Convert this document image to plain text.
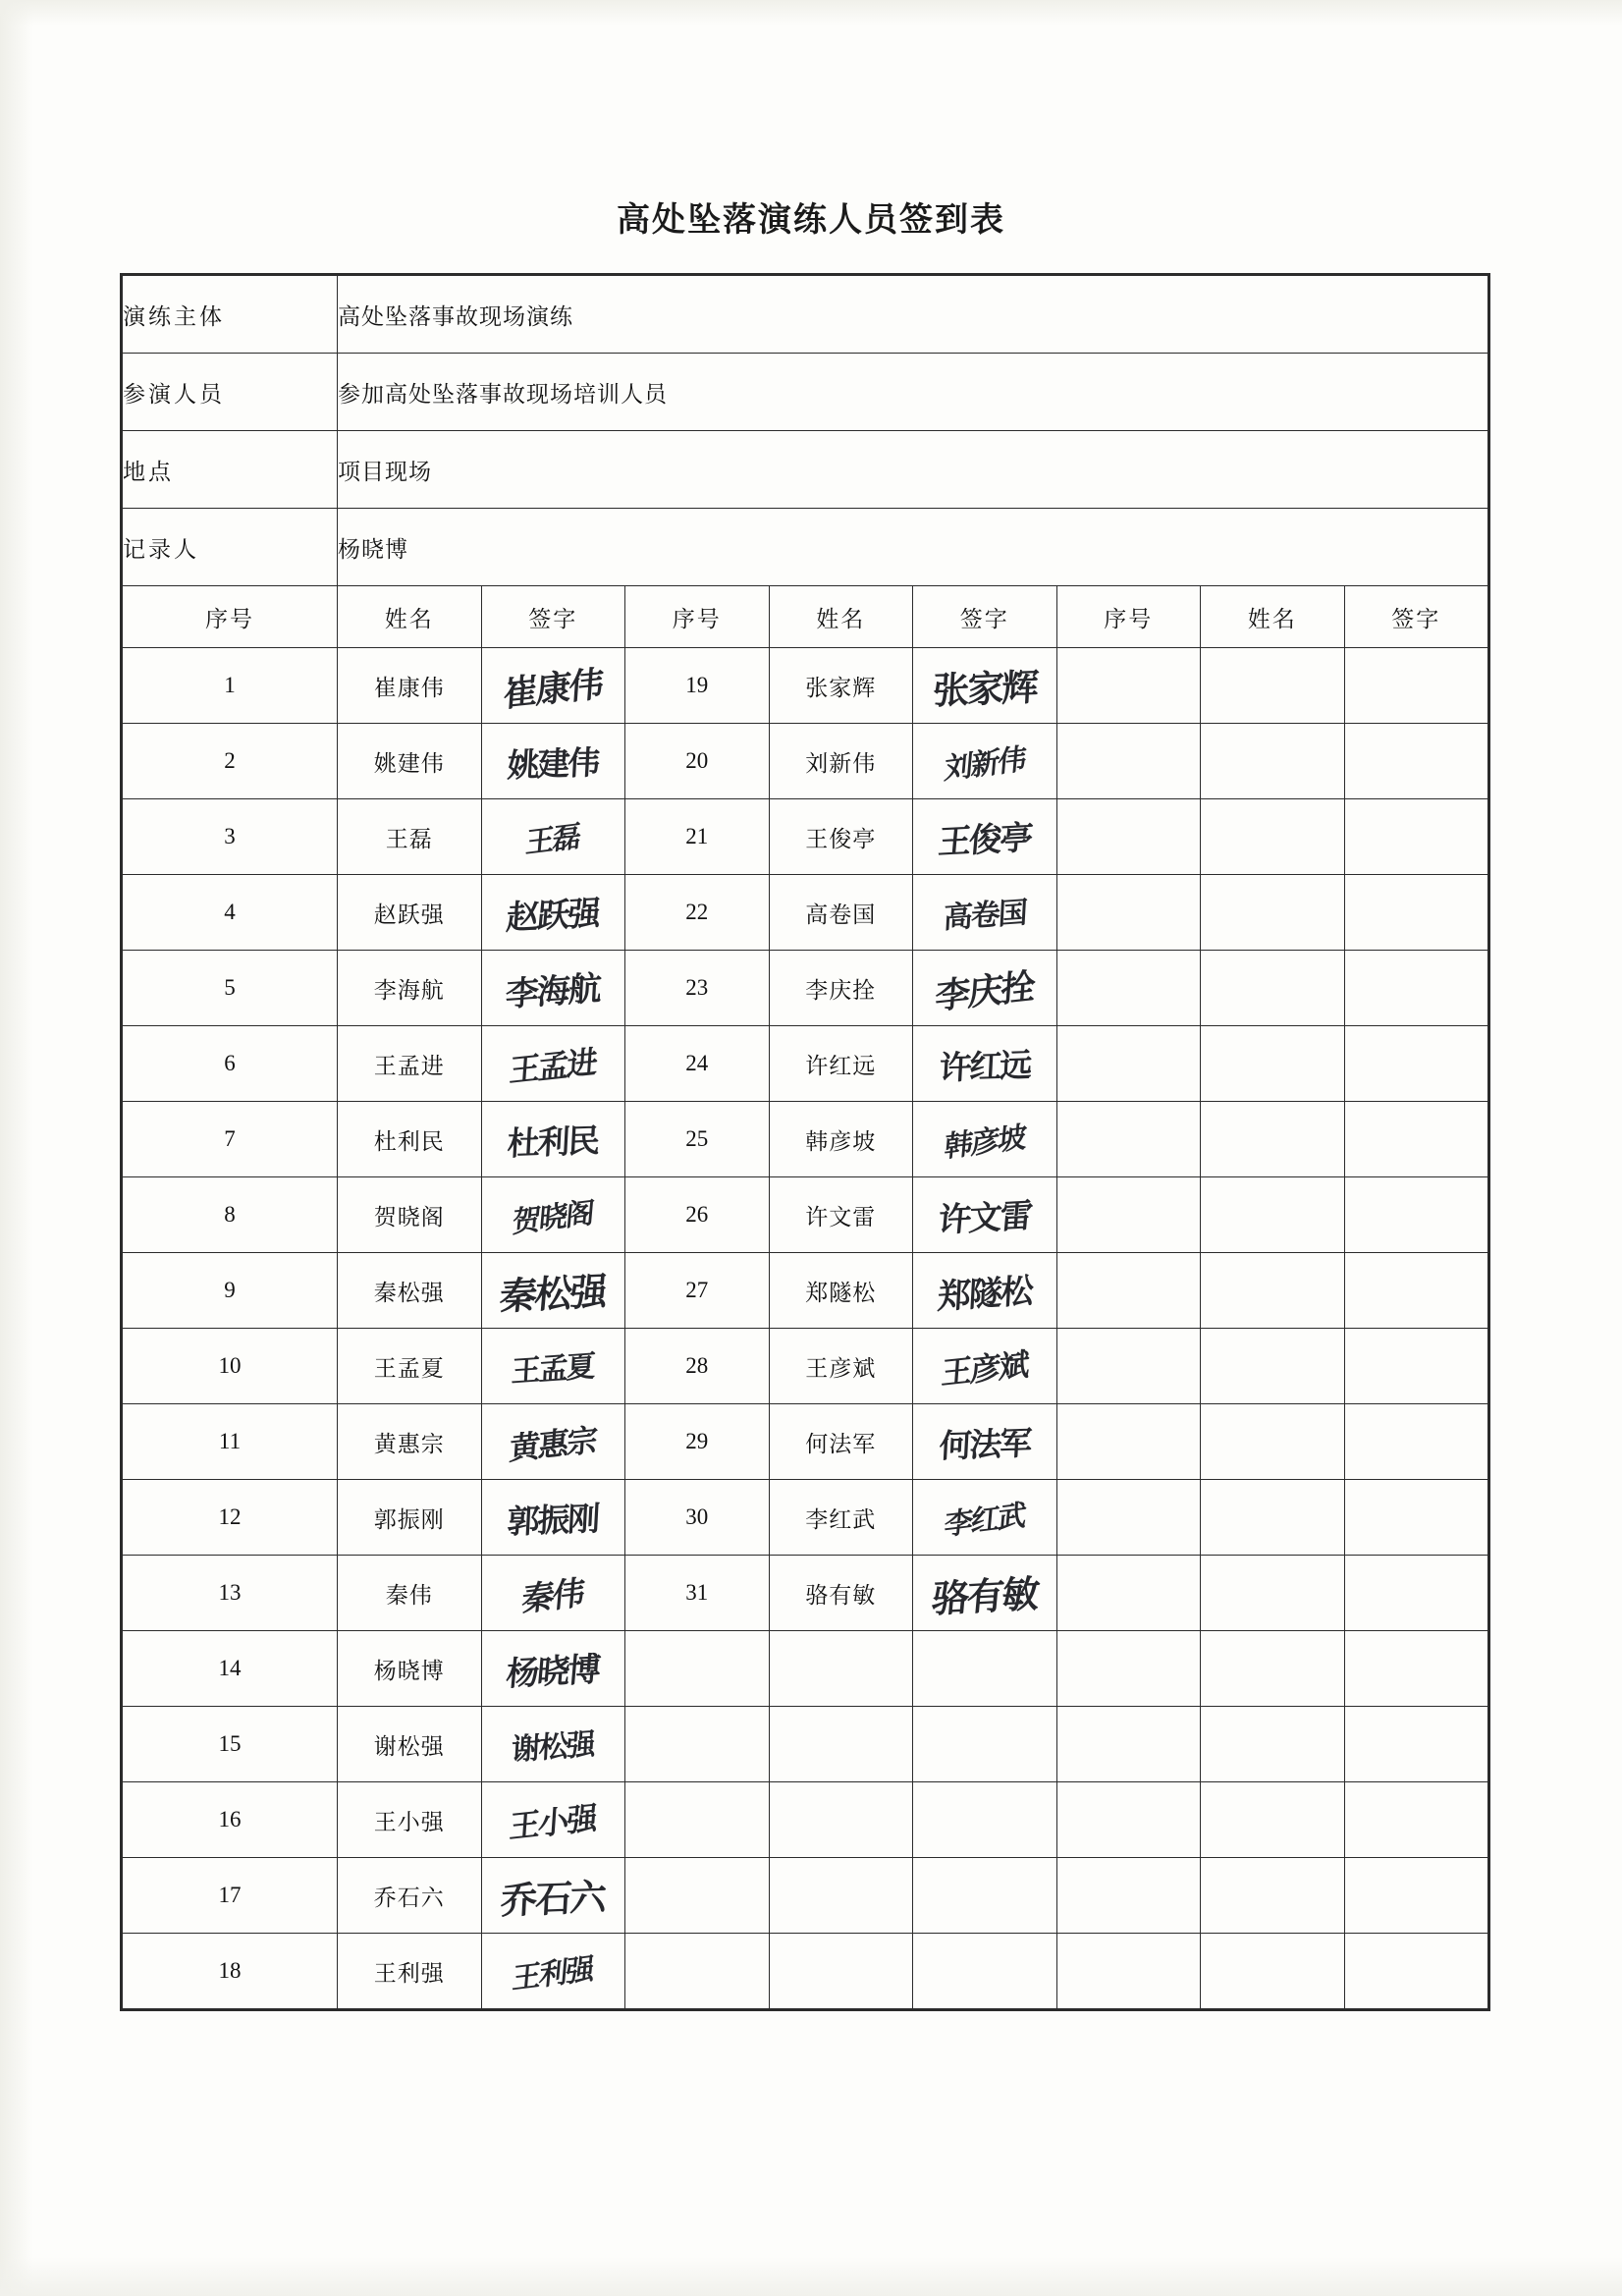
高处坠落演练人员签到表
演练主体	高处坠落事故现场演练							
参演人员	参加高处坠落事故现场培训人员							
地点	项目现场							
记录人	杨晓博							
序号	姓名	签字	序号	姓名	签字	序号	姓名	签字
1	崔康伟	崔康伟	19	张家辉	张家辉			
2	姚建伟	姚建伟	20	刘新伟	刘新伟			
3	王磊	王磊	21	王俊亭	王俊亭			
4	赵跃强	赵跃强	22	高卷国	高卷国			
5	李海航	李海航	23	李庆拴	李庆拴			
6	王孟进	王孟进	24	许红远	许红远			
7	杜利民	杜利民	25	韩彦坡	韩彦坡			
8	贺晓阁	贺晓阁	26	许文雷	许文雷			
9	秦松强	秦松强	27	郑隧松	郑隧松			
10	王孟夏	王孟夏	28	王彦斌	王彦斌			
11	黄惠宗	黄惠宗	29	何法军	何法军			
12	郭振刚	郭振刚	30	李红武	李红武			
13	秦伟	秦伟	31	骆有敏	骆有敏			
14	杨晓博	杨晓博						
15	谢松强	谢松强						
16	王小强	王小强						
17	乔石六	乔石六						
18	王利强	王利强						
